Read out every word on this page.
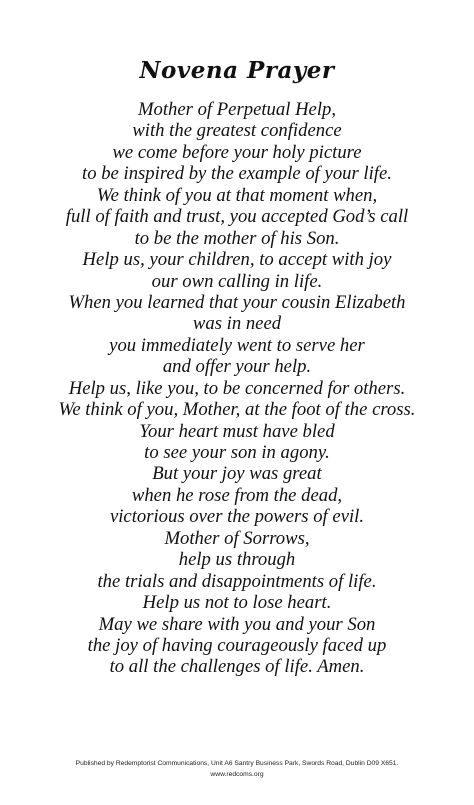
Novena Prayer
Mother of Perpetual Help,
with the greatest confidence
we come before your holy picture
to be inspired by the example of your life.
We think of you at that moment when,
full of faith and trust, you accepted God’s call
to be the mother of his Son.
Help us, your children, to accept with joy
our own calling in life.
When you learned that your cousin Elizabeth
was in need
you immediately went to serve her
and offer your help.
Help us, like you, to be concerned for others.
We think of you, Mother, at the foot of the cross.
Your heart must have bled
to see your son in agony.
But your joy was great
when he rose from the dead,
victorious over the powers of evil.
Mother of Sorrows,
help us through
the trials and disappointments of life.
Help us not to lose heart.
May we share with you and your Son
the joy of having courageously faced up
to all the challenges of life. Amen.
Published by Redemptorist Communications, Unit A6 Santry Business Park, Swords Road, Dublin D09 X651.
www.redcoms.org
